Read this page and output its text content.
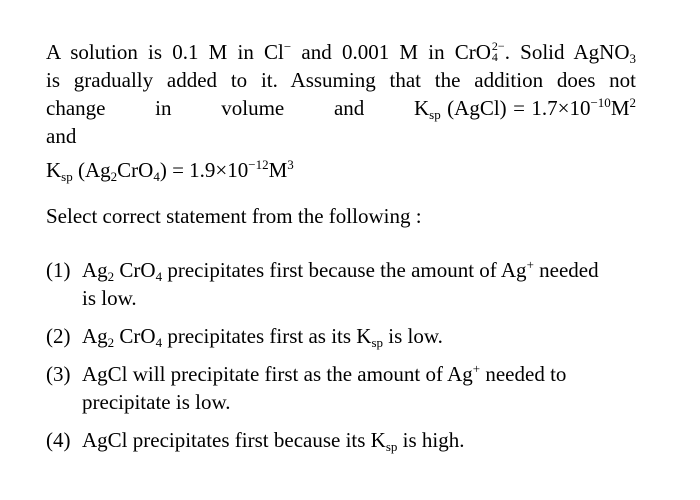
A solution is 0.1 M in Cl− and 0.001 M in CrO 2−
4 . Solid AgNO$_3$
is gradually added to it. Assuming that the addition does not
change    in    volume    and    $K_{sp}$ (AgCl) = $1.7\times 10^{-10}M^2$ and
$K_{sp}$ $(Ag_2CrO_4) = 1.9\times 10^{-12}M^3$
Select correct statement from the following :
(1) $Ag_2$ CrO$_4$ precipitates first because the amount of Ag+ needed
is low.
(2) $Ag_2$ CrO$_4$ precipitates first as its $K_{sp}$ is low.
(3) AgCl will precipitate first as the amount of Ag+ needed to
precipitate is low.
(4) AgCl precipitates first because its $K_{sp}$ is high.
